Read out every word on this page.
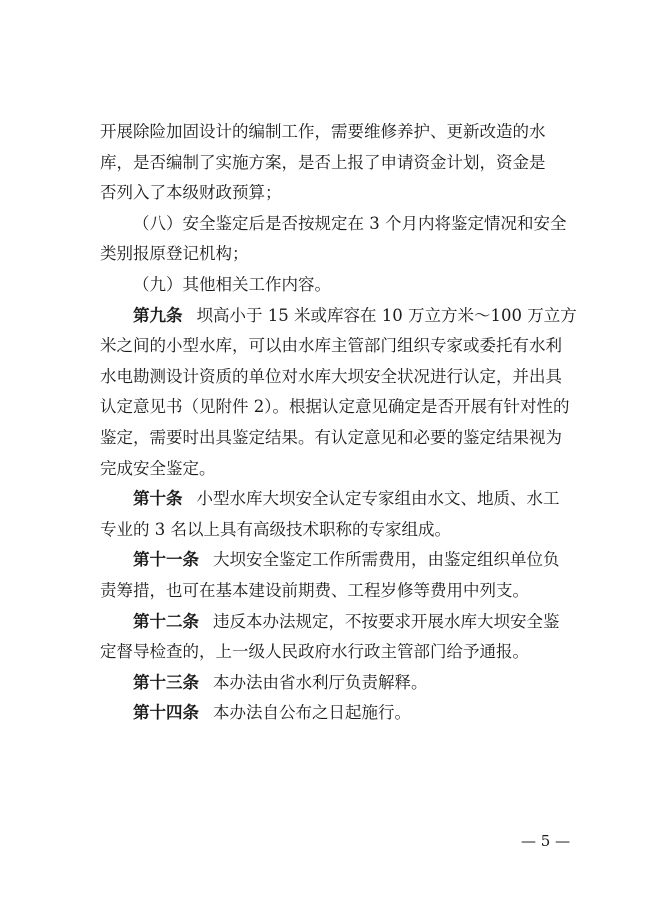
开展除险加固设计的编制工作，需要维修养护、更新改造的水
库，是否编制了实施方案，是否上报了申请资金计划，资金是
否列入了本级财政预算；
（八）安全鉴定后是否按规定在 3 个月内将鉴定情况和安全
类别报原登记机构；
（九）其他相关工作内容。
第九条 坝高小于 15 米或库容在 10 万立方米～100 万立方
米之间的小型水库，可以由水库主管部门组织专家或委托有水利
水电勘测设计资质的单位对水库大坝安全状况进行认定，并出具
认定意见书（见附件 2）。根据认定意见确定是否开展有针对性的
鉴定，需要时出具鉴定结果。有认定意见和必要的鉴定结果视为
完成安全鉴定。
第十条 小型水库大坝安全认定专家组由水文、地质、水工
专业的 3 名以上具有高级技术职称的专家组成。
第十一条 大坝安全鉴定工作所需费用，由鉴定组织单位负
责筹措，也可在基本建设前期费、工程岁修等费用中列支。
第十二条 违反本办法规定，不按要求开展水库大坝安全鉴
定督导检查的，上一级人民政府水行政主管部门给予通报。
第十三条 本办法由省水利厅负责解释。
第十四条 本办法自公布之日起施行。
— 5 —
